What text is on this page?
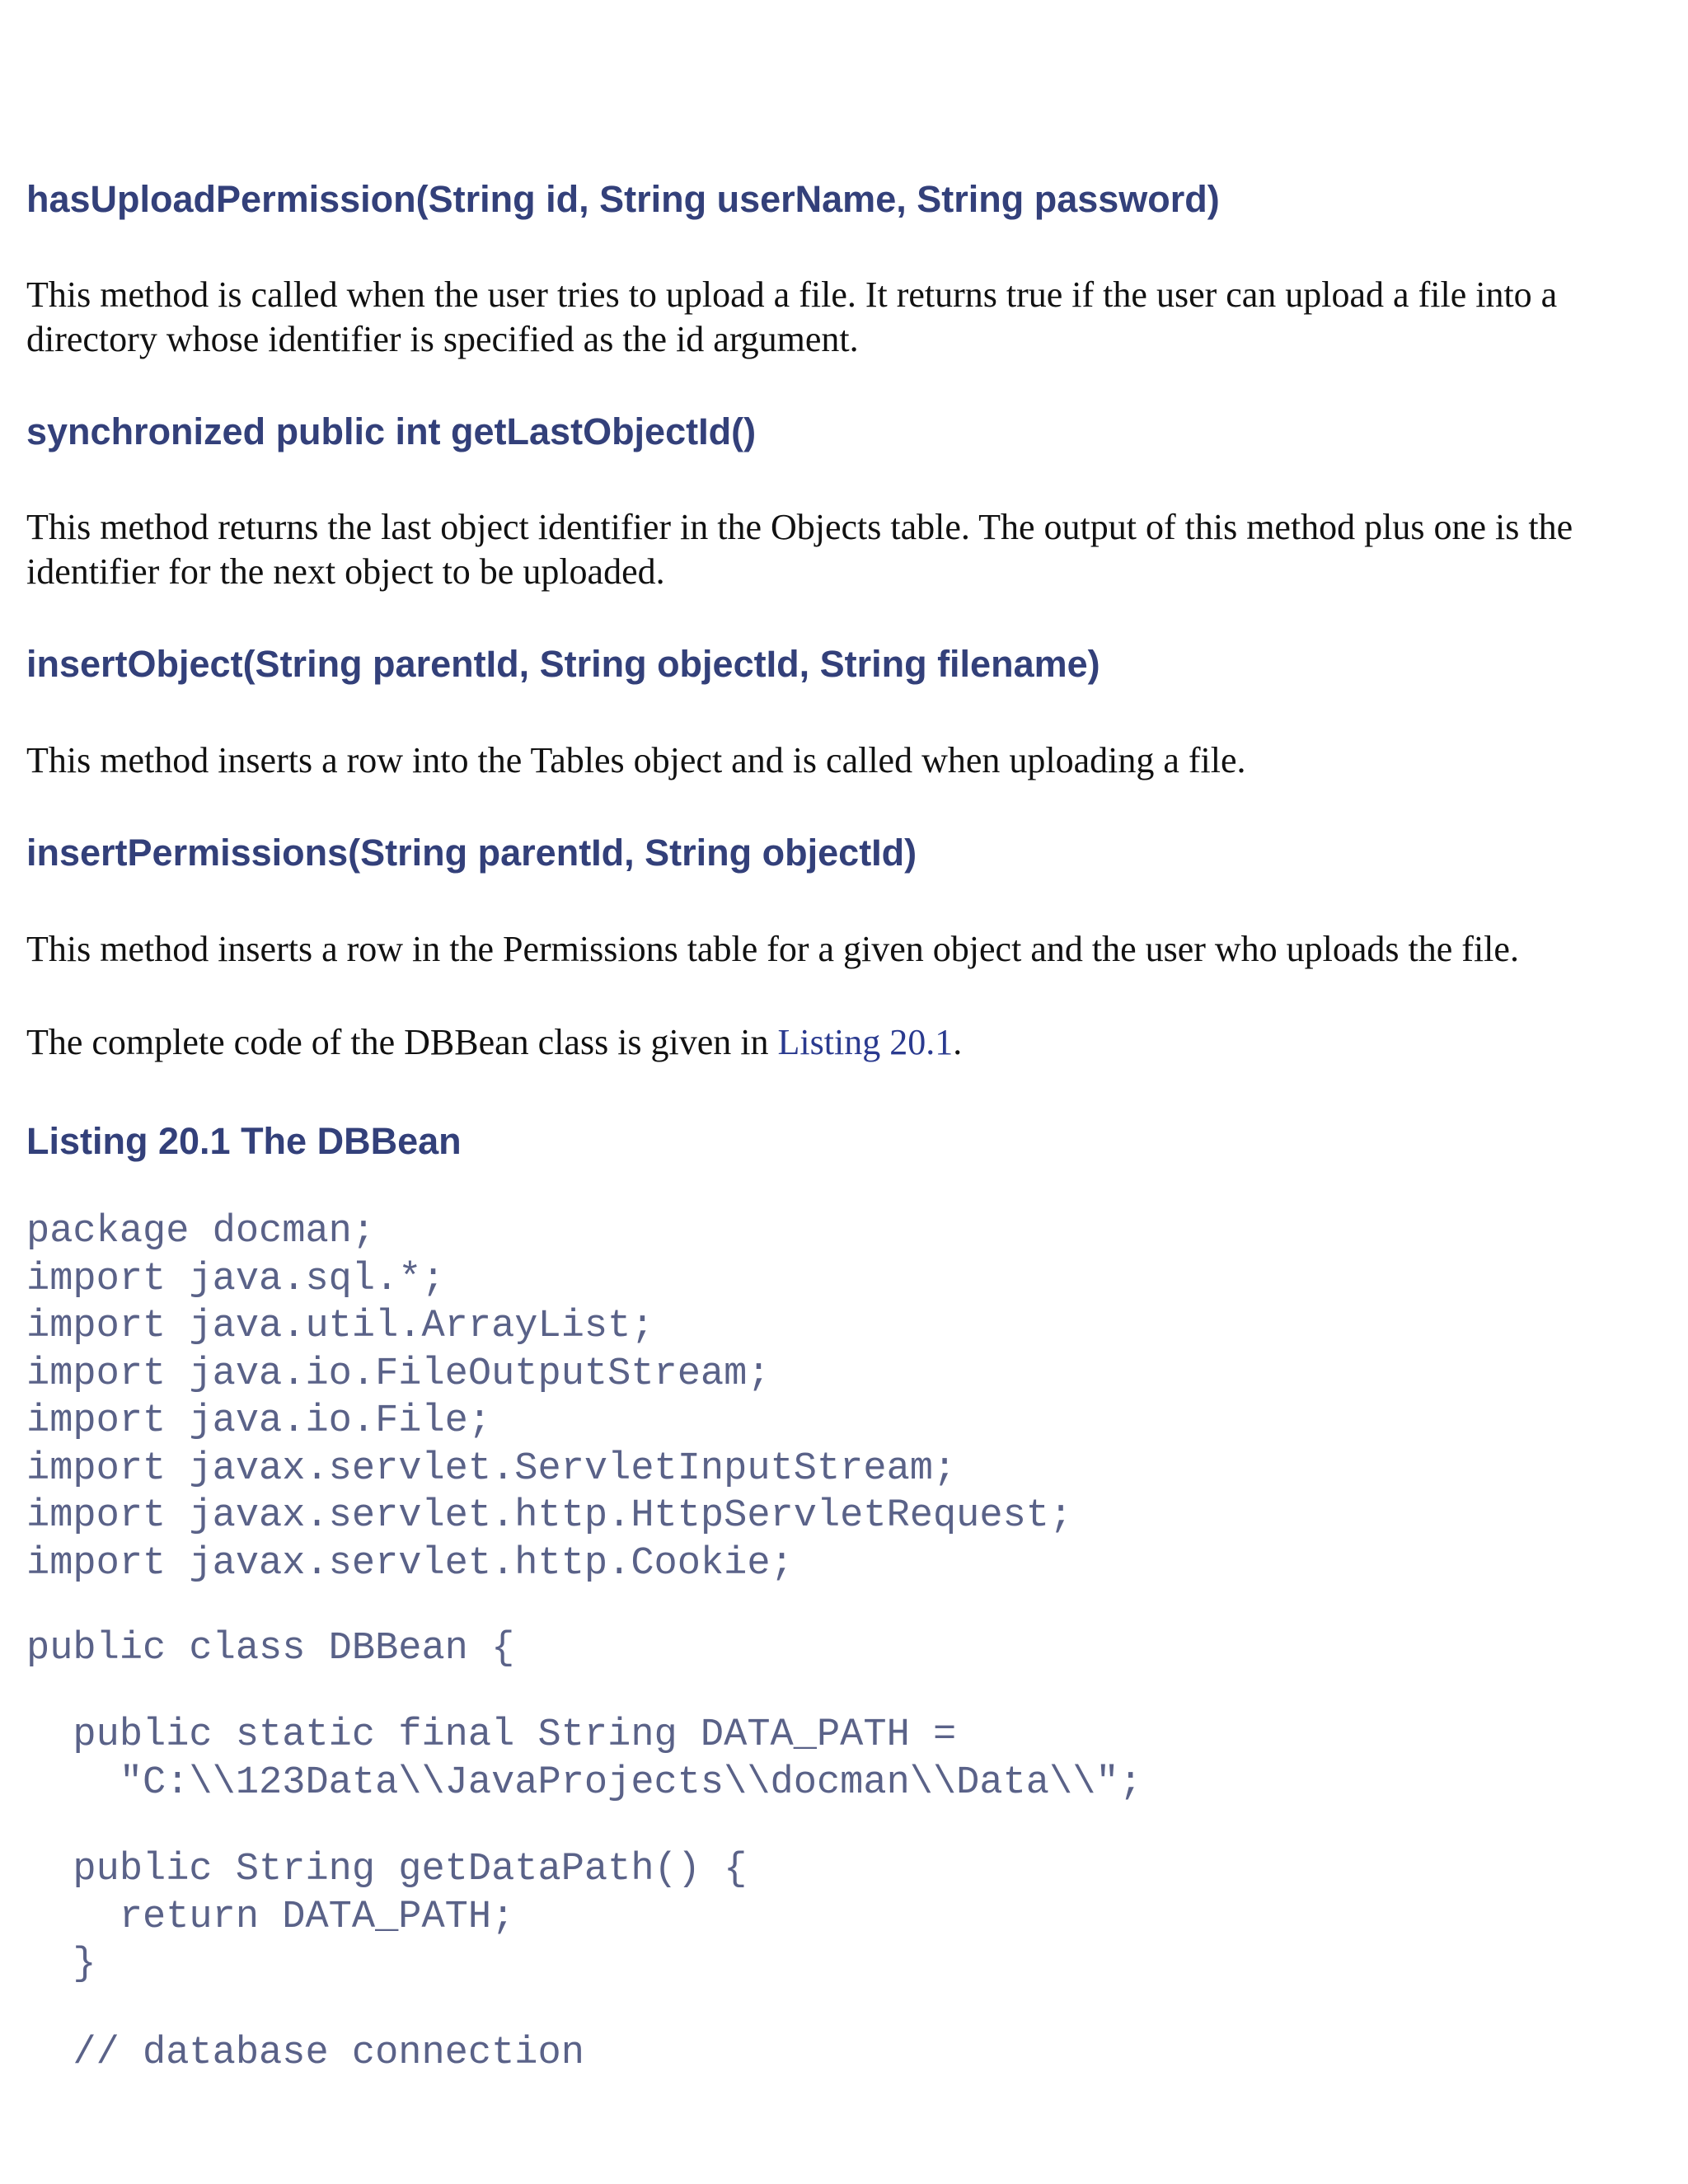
hasUploadPermission(String id, String userName, String password)

This method is called when the user tries to upload a file. It returns true if the user can upload a file into a directory whose identifier is specified as the id argument.

synchronized public int getLastObjectId()

This method returns the last object identifier in the Objects table. The output of this method plus one is the identifier for the next object to be uploaded.

insertObject(String parentId, String objectId, String filename)

This method inserts a row into the Tables object and is called when uploading a file.

insertPermissions(String parentId, String objectId)

This method inserts a row in the Permissions table for a given object and the user who uploads the file.

The complete code of the DBBean class is given in Listing 20.1.

Listing 20.1 The DBBean
package docman;
import java.sql.*;
import java.util.ArrayList;
import java.io.FileOutputStream;
import java.io.File;
import javax.servlet.ServletInputStream;
import javax.servlet.http.HttpServletRequest;
import javax.servlet.http.Cookie;
public class DBBean {
public static final String DATA_PATH =
"C:\\123Data\\JavaProjects\\docman\\Data\\";
public String getDataPath() {
return DATA_PATH;
}
// database connection
